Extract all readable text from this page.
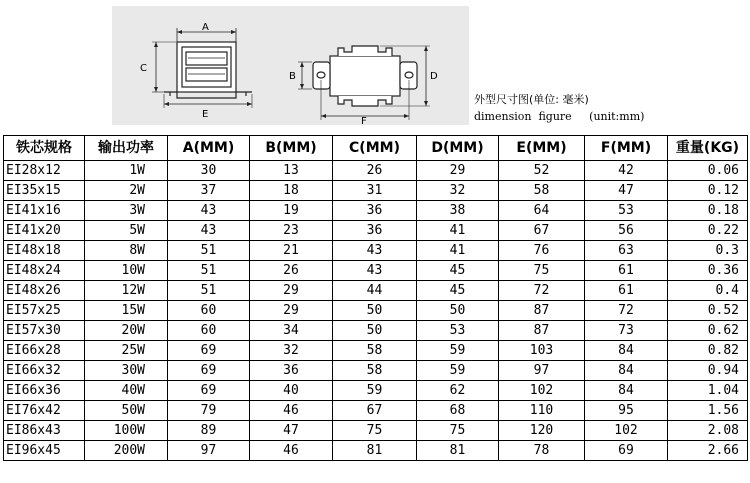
A
C
E
B	D
F
外型尺寸图(单位: 毫米)
dimension  figure     (unit:mm)
铁芯规格	输出功率	A(MM)	B(MM)	C(MM)	D(MM)	E(MM)	F(MM)	重量(KG)
EI28x12	1W	30	13	26	29	52	42	0.06
EI35x15	2W	37	18	31	32	58	47	0.12
EI41x16	3W	43	19	36	38	64	53	0.18
EI41x20	5W	43	23	36	41	67	56	0.22
EI48x18	8W	51	21	43	41	76	63	0.3
EI48x24	10W	51	26	43	45	75	61	0.36
EI48x26	12W	51	29	44	45	72	61	0.4
EI57x25	15W	60	29	50	50	87	72	0.52
EI57x30	20W	60	34	50	53	87	73	0.62
EI66x28	25W	69	32	58	59	103	84	0.82
EI66x32	30W	69	36	58	59	97	84	0.94
EI66x36	40W	69	40	59	62	102	84	1.04
EI76x42	50W	79	46	67	68	110	95	1.56
EI86x43	100W	89	47	75	75	120	102	2.08
EI96x45	200W	97	46	81	81	78	69	2.66
